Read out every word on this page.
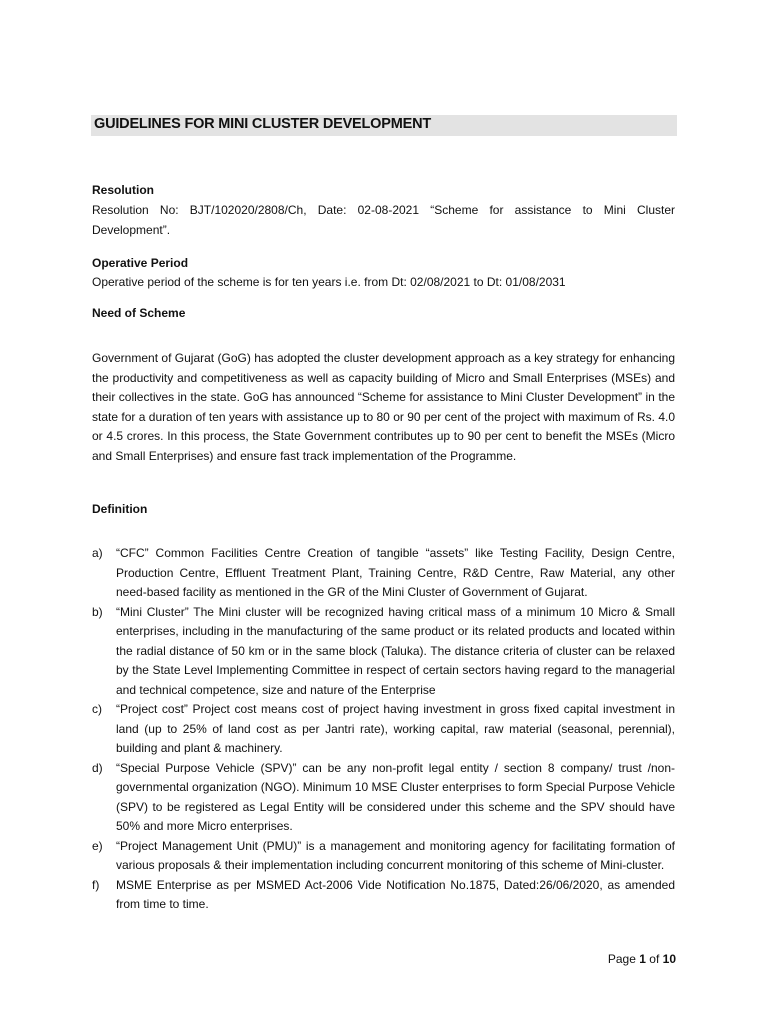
GUIDELINES FOR MINI CLUSTER DEVELOPMENT
Resolution

Resolution No: BJT/102020/2808/Ch, Date: 02-08-2021 “Scheme for assistance to Mini Cluster Development”.

Operative Period

Operative period of the scheme is for ten years i.e. from Dt: 02/08/2021 to Dt: 01/08/2031

Need of Scheme

Government of Gujarat (GoG) has adopted the cluster development approach as a key strategy for enhancing the productivity and competitiveness as well as capacity building of Micro and Small Enterprises (MSEs) and their collectives in the state. GoG has announced “Scheme for assistance to Mini Cluster Development” in the state for a duration of ten years with assistance up to 80 or 90 per cent of the project with maximum of Rs. 4.0 or 4.5 crores. In this process, the State Government contributes up to 90 per cent to benefit the MSEs (Micro and Small Enterprises) and ensure fast track implementation of the Programme.

Definition
a) “CFC” Common Facilities Centre Creation of tangible “assets” like Testing Facility, Design Centre, Production Centre, Effluent Treatment Plant, Training Centre, R&D Centre, Raw Material, any other need-based facility as mentioned in the GR of the Mini Cluster of Government of Gujarat.
b) “Mini Cluster” The Mini cluster will be recognized having critical mass of a minimum 10 Micro & Small enterprises, including in the manufacturing of the same product or its related products and located within the radial distance of 50 km or in the same block (Taluka). The distance criteria of cluster can be relaxed by the State Level Implementing Committee in respect of certain sectors having regard to the managerial and technical competence, size and nature of the Enterprise
c) “Project cost” Project cost means cost of project having investment in gross fixed capital investment in land (up to 25% of land cost as per Jantri rate), working capital, raw material (seasonal, perennial), building and plant & machinery.
d) “Special Purpose Vehicle (SPV)” can be any non-profit legal entity / section 8 company/ trust /non-governmental organization (NGO). Minimum 10 MSE Cluster enterprises to form Special Purpose Vehicle (SPV) to be registered as Legal Entity will be considered under this scheme and the SPV should have 50% and more Micro enterprises.
e) “Project Management Unit (PMU)” is a management and monitoring agency for facilitating formation of various proposals & their implementation including concurrent monitoring of this scheme of Mini-cluster.
f) MSME Enterprise as per MSMED Act-2006 Vide Notification No.1875, Dated:26/06/2020, as amended from time to time.
Page 1 of 10
